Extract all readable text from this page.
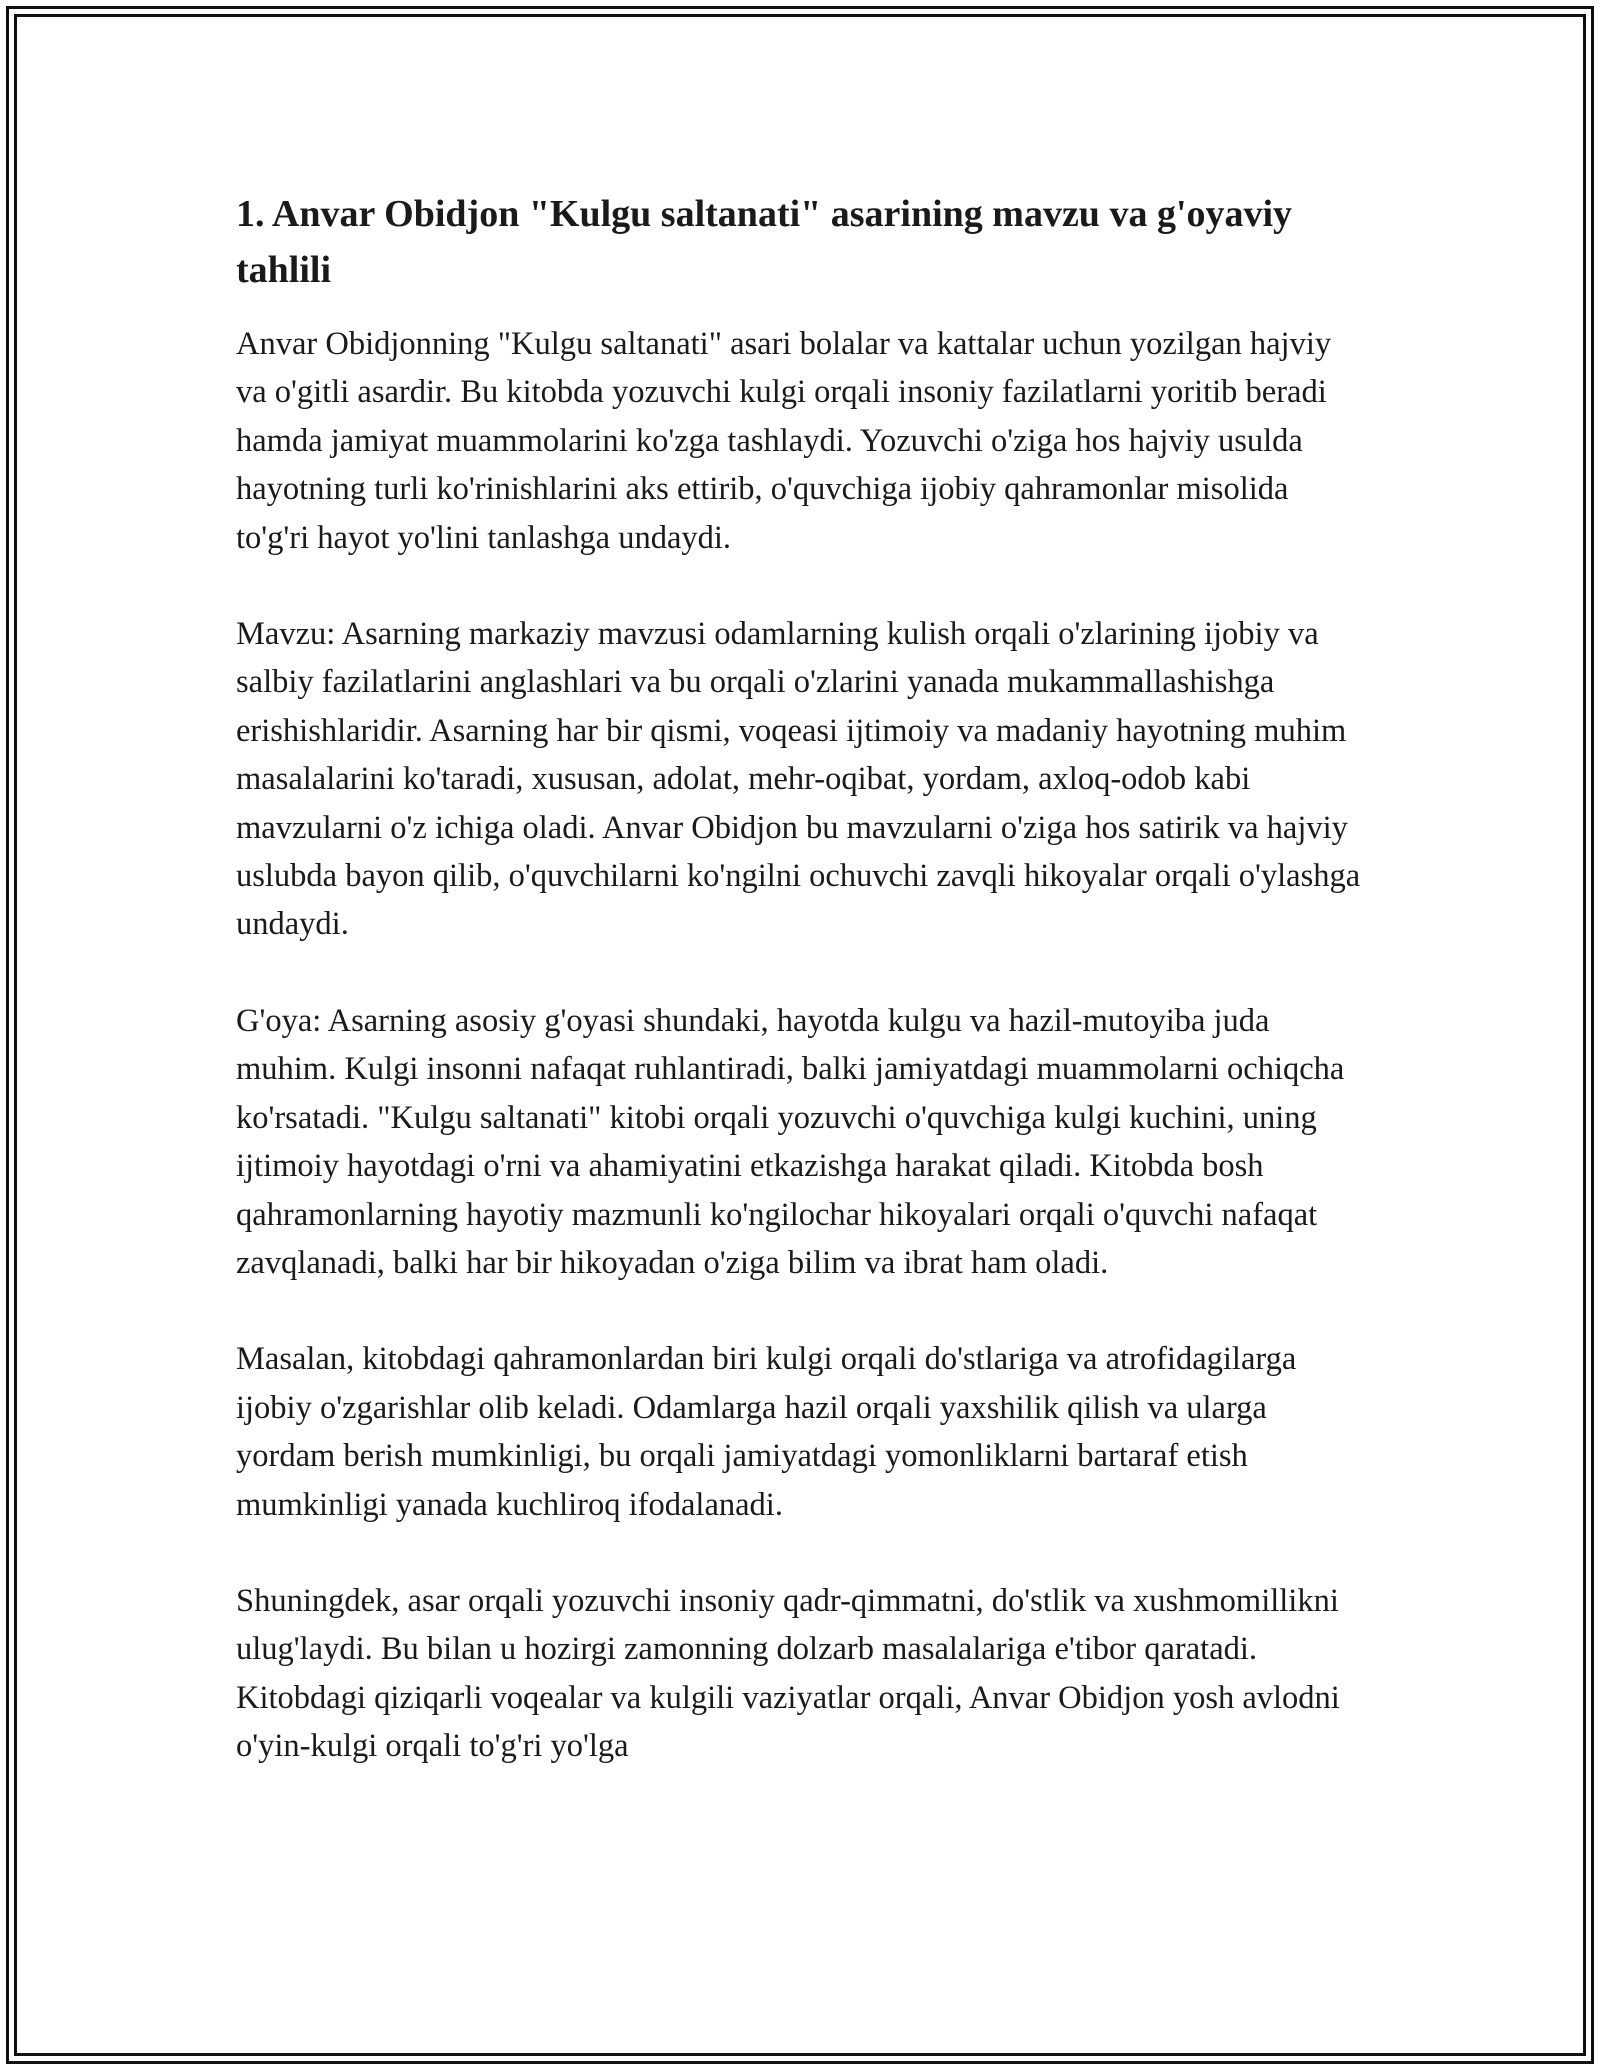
1. Anvar Obidjon "Kulgu saltanati" asarining mavzu va g'oyaviy tahlili

Anvar Obidjonning "Kulgu saltanati" asari bolalar va kattalar uchun yozilgan hajviy va o'gitli asardir. Bu kitobda yozuvchi kulgi orqali insoniy fazilatlarni yoritib beradi hamda jamiyat muammolarini ko'zga tashlaydi. Yozuvchi o'ziga hos hajviy usulda hayotning turli ko'rinishlarini aks ettirib, o'quvchiga ijobiy qahramonlar misolida to'g'ri hayot yo'lini tanlashga undaydi.

Mavzu: Asarning markaziy mavzusi odamlarning kulish orqali o'zlarining ijobiy va salbiy fazilatlarini anglashlari va bu orqali o'zlarini yanada mukammallashishga erishishlaridir. Asarning har bir qismi, voqeasi ijtimoiy va madaniy hayotning muhim masalalarini ko'taradi, xususan, adolat, mehr-oqibat, yordam, axloq-odob kabi mavzularni o'z ichiga oladi. Anvar Obidjon bu mavzularni o'ziga hos satirik va hajviy uslubda bayon qilib, o'quvchilarni ko'ngilni ochuvchi zavqli hikoyalar orqali o'ylashga undaydi.

G'oya: Asarning asosiy g'oyasi shundaki, hayotda kulgu va hazil-mutoyiba juda muhim. Kulgi insonni nafaqat ruhlantiradi, balki jamiyatdagi muammolarni ochiqcha ko'rsatadi. "Kulgu saltanati" kitobi orqali yozuvchi o'quvchiga kulgi kuchini, uning ijtimoiy hayotdagi o'rni va ahamiyatini etkazishga harakat qiladi. Kitobda bosh qahramonlarning hayotiy mazmunli ko'ngilochar hikoyalari orqali o'quvchi nafaqat zavqlanadi, balki har bir hikoyadan o'ziga bilim va ibrat ham oladi.

Masalan, kitobdagi qahramonlardan biri kulgi orqali do'stlariga va atrofidagilarga ijobiy o'zgarishlar olib keladi. Odamlarga hazil orqali yaxshilik qilish va ularga yordam berish mumkinligi, bu orqali jamiyatdagi yomonliklarni bartaraf etish mumkinligi yanada kuchliroq ifodalanadi.

Shuningdek, asar orqali yozuvchi insoniy qadr-qimmatni, do'stlik va xushmomillikni ulug'laydi. Bu bilan u hozirgi zamonning dolzarb masalalariga e'tibor qaratadi. Kitobdagi qiziqarli voqealar va kulgili vaziyatlar orqali, Anvar Obidjon yosh avlodni o'yin-kulgi orqali to'g'ri yo'lga
